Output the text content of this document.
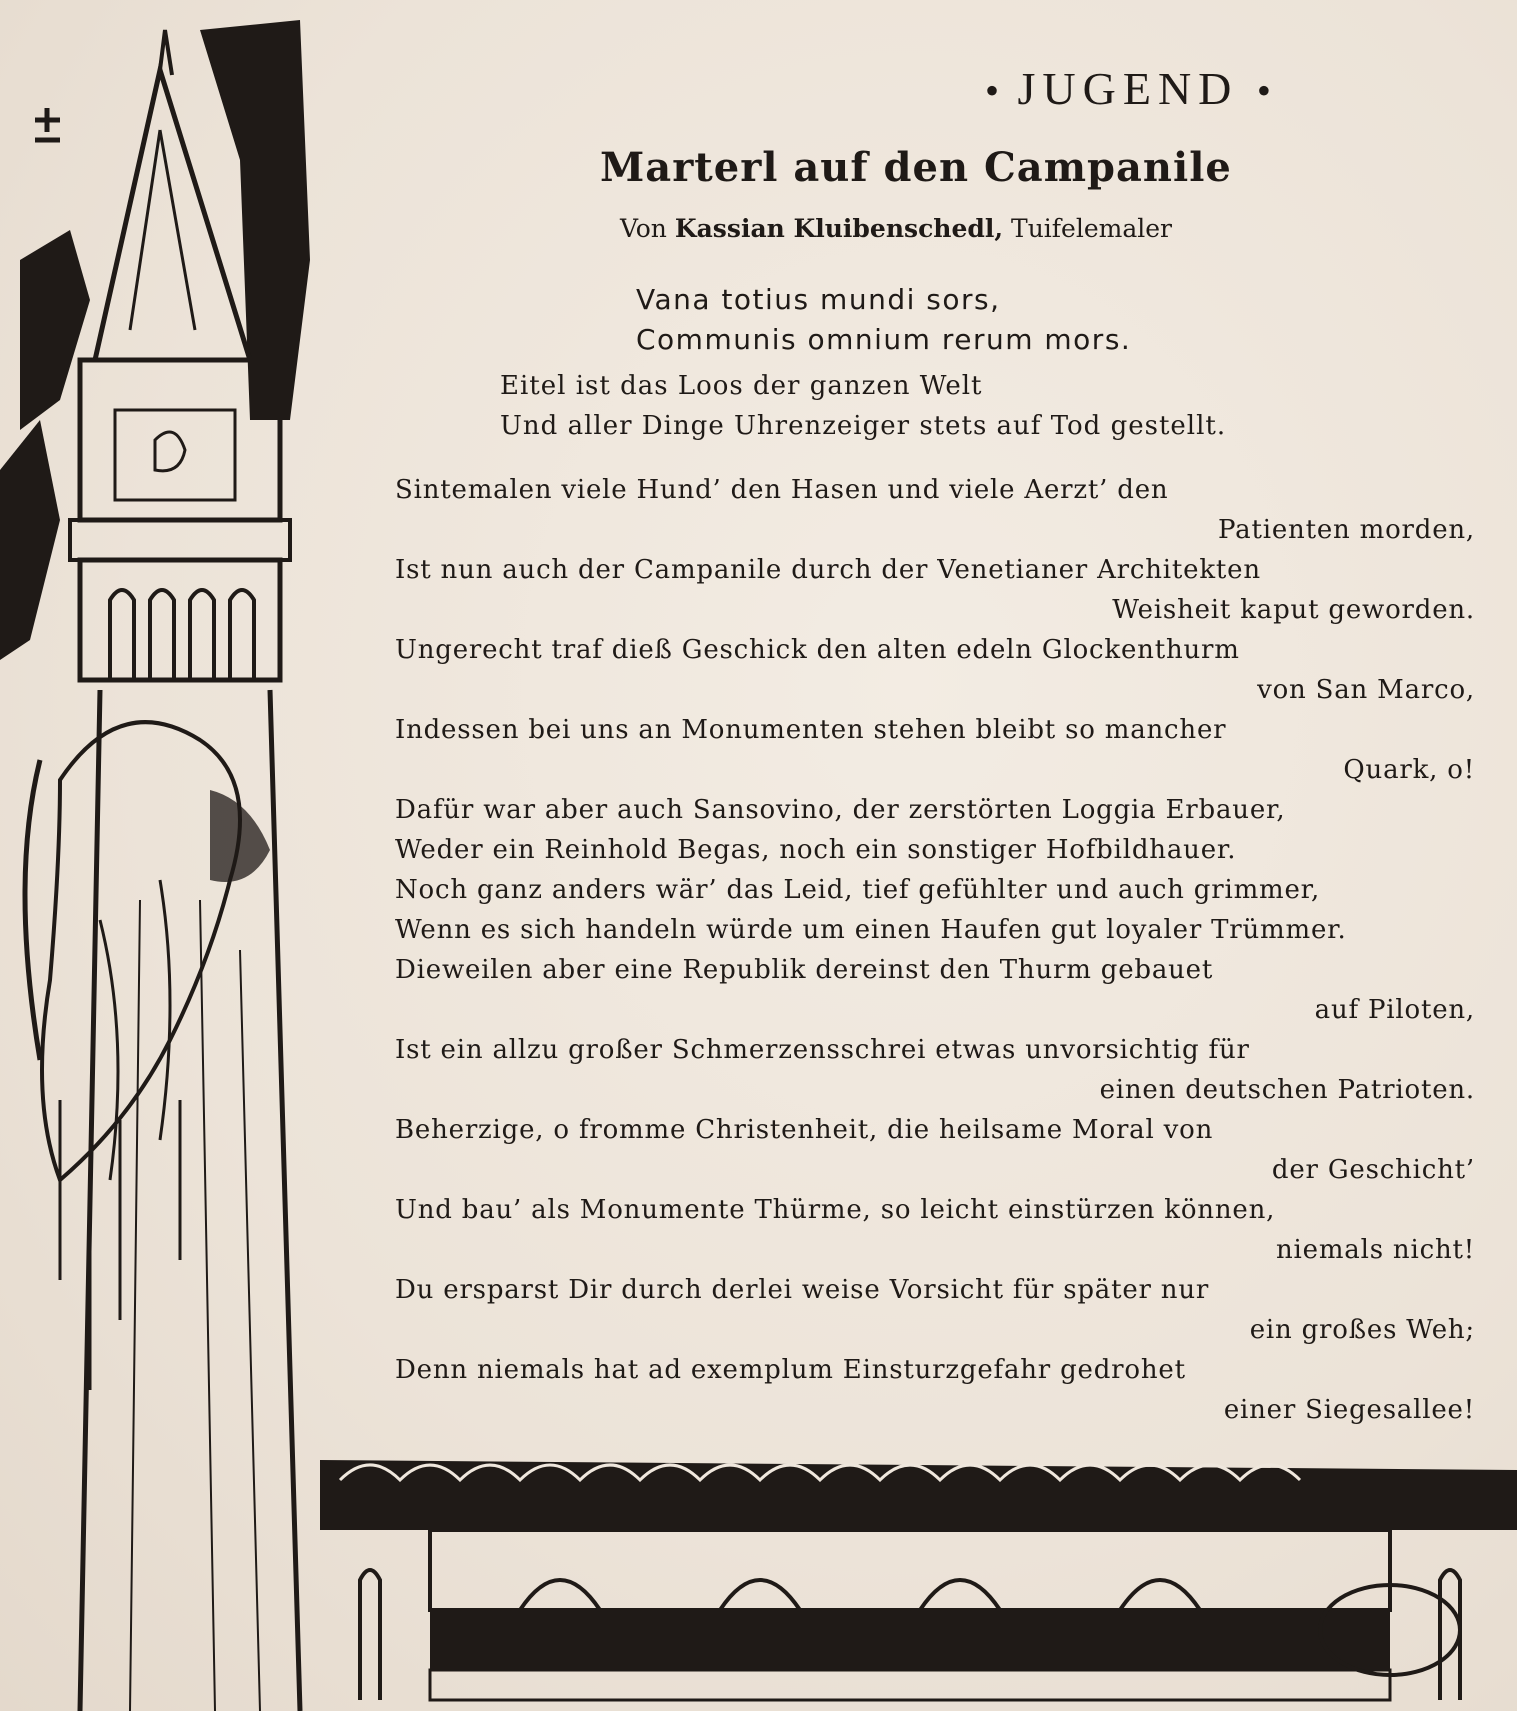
• JUGEND •
Marterl auf den Campanile
Von Kassian Kluibenschedl, Tuifelemaler
Vana totius mundi sors,
Communis omnium rerum mors.
Eitel ist das Loos der ganzen Welt
Und aller Dinge Uhrenzeiger stets auf Tod gestellt.
Sintemalen viele Hund’ den Hasen und viele Aerzt’ den
Patienten morden,
Ist nun auch der Campanile durch der Venetianer Architekten
Weisheit kaput geworden.
Ungerecht traf dieß Geschick den alten edeln Glockenthurm
von San Marco,
Indessen bei uns an Monumenten stehen bleibt so mancher
Quark, o!
Dafür war aber auch Sansovino, der zerstörten Loggia Erbauer,
Weder ein Reinhold Begas, noch ein sonstiger Hofbildhauer.
Noch ganz anders wär’ das Leid, tief gefühlter und auch grimmer,
Wenn es sich handeln würde um einen Haufen gut loyaler Trümmer.
Dieweilen aber eine Republik dereinst den Thurm gebauet
auf Piloten,
Ist ein allzu großer Schmerzensschrei etwas unvorsichtig für
einen deutschen Patrioten.
Beherzige, o fromme Christenheit, die heilsame Moral von
der Geschicht’
Und bau’ als Monumente Thürme, so leicht einstürzen können,
niemals nicht!
Du ersparst Dir durch derlei weise Vorsicht für später nur
ein großes Weh;
Denn niemals hat ad exemplum Einsturzgefahr gedrohet
einer Siegesallee!
